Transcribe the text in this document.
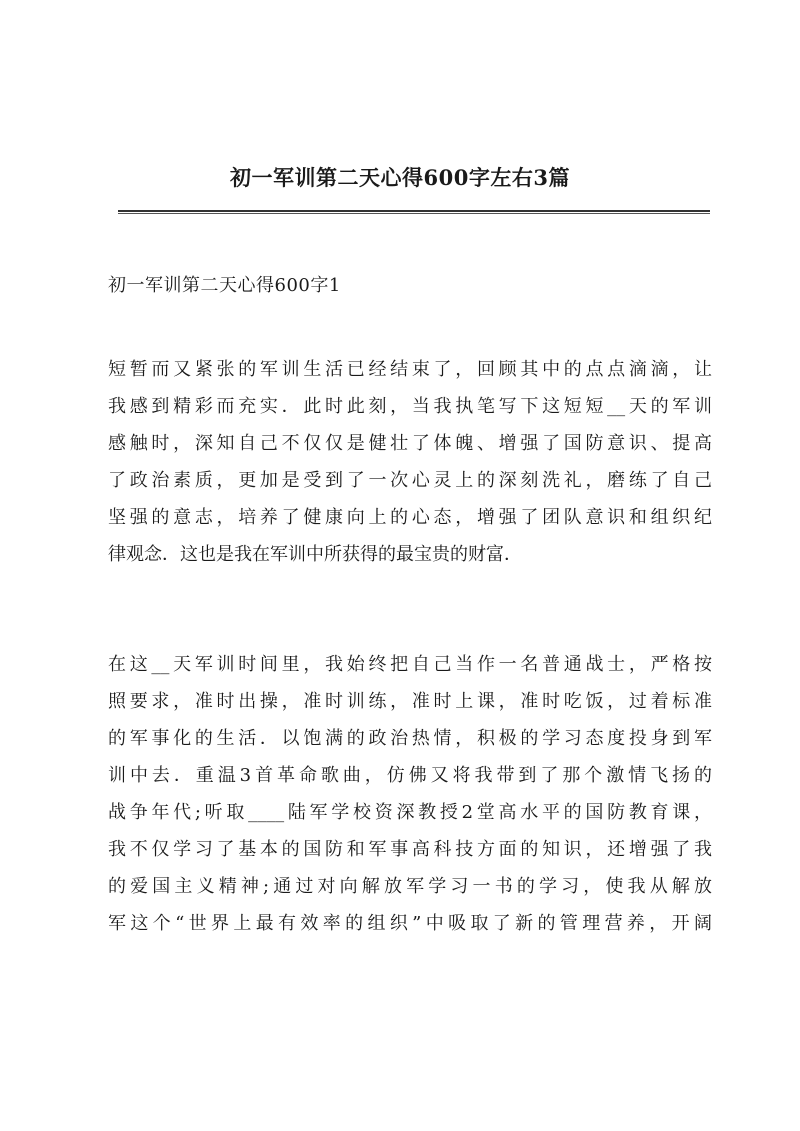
初一军训第二天心得600字左右3篇
初一军训第二天心得600字1

短暂而又紧张的军训生活已经结束了，回顾其中的点点滴滴，让
我感到精彩而充实．此时此刻，当我执笔写下这短短__天的军训
感触时，深知自己不仅仅是健壮了体魄、增强了国防意识、提高
了政治素质，更加是受到了一次心灵上的深刻洗礼，磨练了自己
坚强的意志，培养了健康向上的心态，增强了团队意识和组织纪
律观念．这也是我在军训中所获得的最宝贵的财富．

在这__天军训时间里，我始终把自己当作一名普通战士，严格按
照要求，准时出操，准时训练，准时上课，准时吃饭，过着标准
的军事化的生活．以饱满的政治热情，积极的学习态度投身到军
训中去．重温3首革命歌曲，仿佛又将我带到了那个激情飞扬的
战争年代;听取____陆军学校资深教授2堂高水平的国防教育课，
我不仅学习了基本的国防和军事高科技方面的知识，还增强了我
的爱国主义精神;通过对向解放军学习一书的学习，使我从解放
军这个“世界上最有效率的组织”中吸取了新的管理营养，开阔
